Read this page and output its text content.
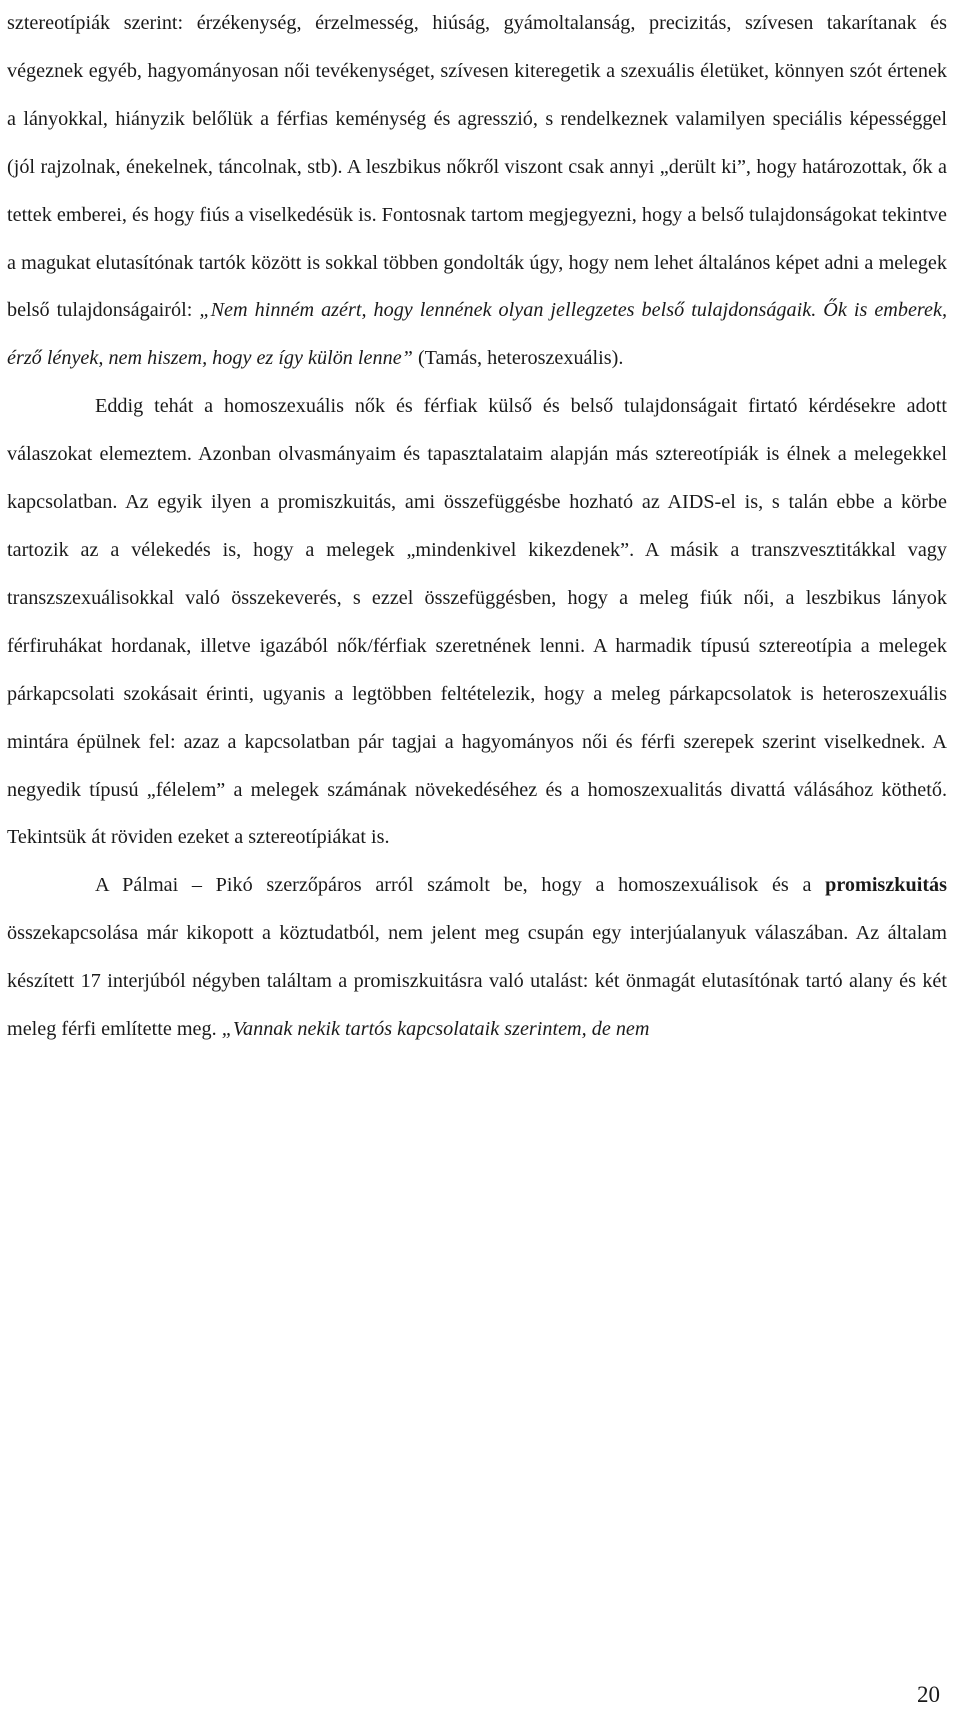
sztereotípiák szerint: érzékenység, érzelmesség, hiúság, gyámoltalanság, precizitás, szívesen takarítanak és végeznek egyéb, hagyományosan női tevékenységet, szívesen kiteregetik a szexuális életüket, könnyen szót értenek a lányokkal, hiányzik belőlük a férfias keménység és agresszió, s rendelkeznek valamilyen speciális képességgel (jól rajzolnak, énekelnek, táncolnak, stb). A leszbikus nőkről viszont csak annyi „derült ki”, hogy határozottak, ők a tettek emberei, és hogy fiús a viselkedésük is. Fontosnak tartom megjegyezni, hogy a belső tulajdonságokat tekintve a magukat elutasítónak tartók között is sokkal többen gondolták úgy, hogy nem lehet általános képet adni a melegek belső tulajdonságairól: „Nem hinném azért, hogy lennének olyan jellegzetes belső tulajdonságaik. Ők is emberek, érző lények, nem hiszem, hogy ez így külön lenne” (Tamás, heteroszexuális).

Eddig tehát a homoszexuális nők és férfiak külső és belső tulajdonságait firtató kérdésekre adott válaszokat elemeztem. Azonban olvasmányaim és tapasztalataim alapján más sztereotípiák is élnek a melegekkel kapcsolatban. Az egyik ilyen a promiszkuitás, ami összefüggésbe hozható az AIDS-el is, s talán ebbe a körbe tartozik az a vélekedés is, hogy a melegek „mindenkivel kikezdenek”. A másik a transzvesztitákkal vagy transzszexuálisokkal való összekeverés, s ezzel összefüggésben, hogy a meleg fiúk női, a leszbikus lányok férfiruhákat hordanak, illetve igazából nők/férfiak szeretnének lenni. A harmadik típusú sztereotípia a melegek párkapcsolati szokásait érinti, ugyanis a legtöbben feltételezik, hogy a meleg párkapcsolatok is heteroszexuális mintára épülnek fel: azaz a kapcsolatban pár tagjai a hagyományos női és férfi szerepek szerint viselkednek. A negyedik típusú „félelem” a melegek számának növekedéséhez és a homoszexualitás divattá válásához köthető. Tekintsük át röviden ezeket a sztereotípiákat is.

A Pálmai – Pikó szerzőpáros arról számolt be, hogy a homoszexuálisok és a promiszkuitás összekapcsolása már kikopott a köztudatból, nem jelent meg csupán egy interjúalanyuk válaszában. Az általam készített 17 interjúból négyben találtam a promiszkuitásra való utalást: két önmagát elutasítónak tartó alany és két meleg férfi említette meg. „Vannak nekik tartós kapcsolataik szerintem, de nem

20
